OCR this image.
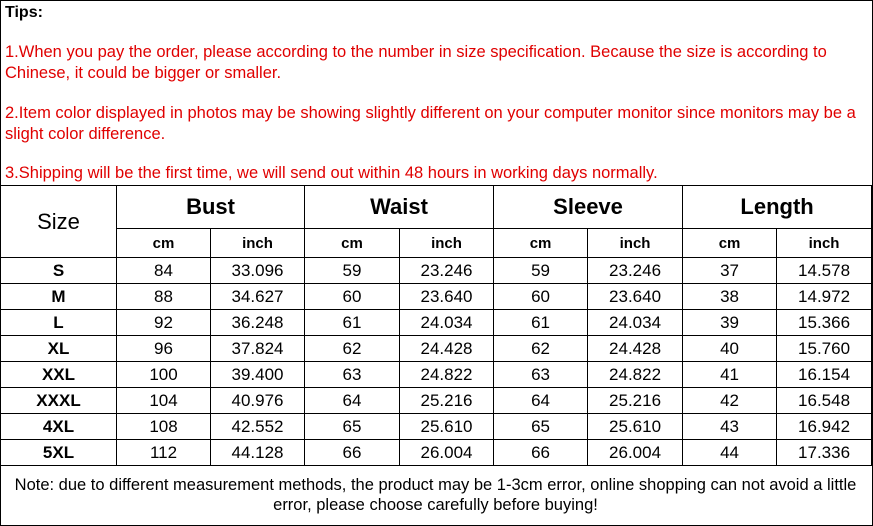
Tips:
1.When you pay the order, please according to the number in size specification. Because the size is according to Chinese, it could be bigger or smaller.
2.Item color displayed in photos may be showing slightly different on your computer monitor since monitors may be a slight color difference.
3.Shipping will be the first time, we will send out within 48 hours in working days normally.
Size	Bust		Waist		Sleeve		Length	
	cm	inch	cm	inch	cm	inch	cm	inch
S	84	33.096	59	23.246	59	23.246	37	14.578
M	88	34.627	60	23.640	60	23.640	38	14.972
L	92	36.248	61	24.034	61	24.034	39	15.366
XL	96	37.824	62	24.428	62	24.428	40	15.760
XXL	100	39.400	63	24.822	63	24.822	41	16.154
XXXL	104	40.976	64	25.216	64	25.216	42	16.548
4XL	108	42.552	65	25.610	65	25.610	43	16.942
5XL	112	44.128	66	26.004	66	26.004	44	17.336
Note: due to different measurement methods, the product may be 1-3cm error, online shopping can not avoid a little error, please choose carefully before buying!
